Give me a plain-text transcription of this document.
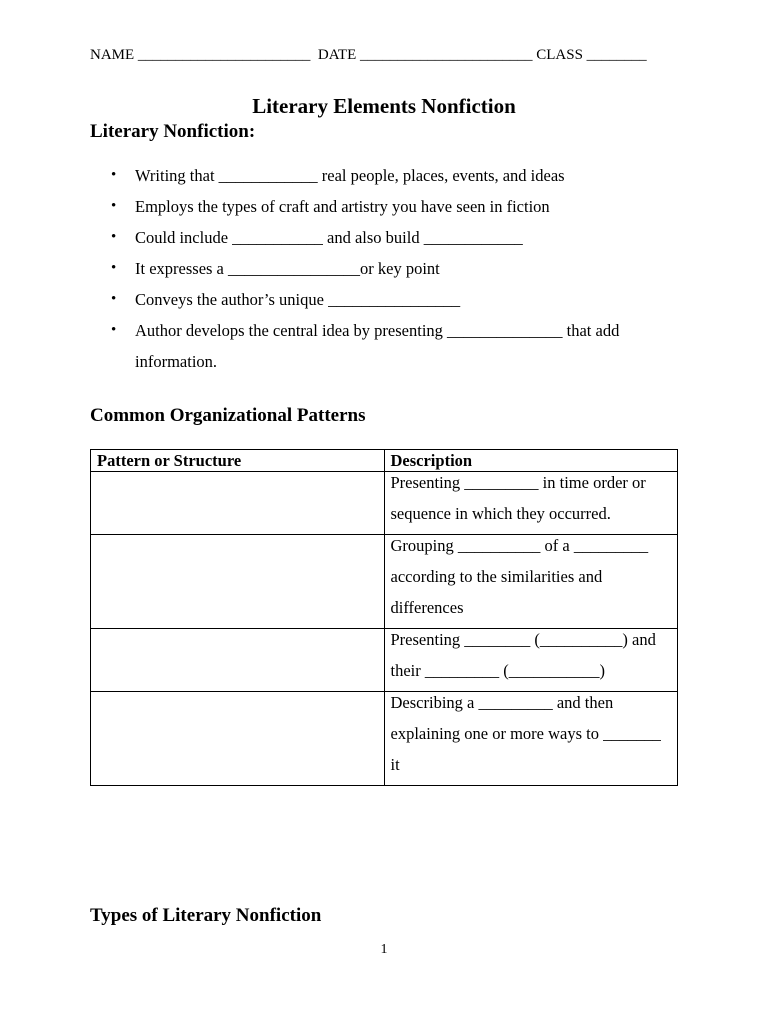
NAME _______________________  DATE _______________________ CLASS ________
Literary Elements Nonfiction
Literary Nonfiction:
• Writing that ____________ real people, places, events, and ideas
• Employs the types of craft and artistry you have seen in fiction
• Could include ___________ and also build ____________
• It expresses a ________________or key point
• Conveys the author’s unique ________________
• Author develops the central idea by presenting ______________ that add information.
Common Organizational Patterns
Pattern or Structure	Description

	Presenting _________ in time order or sequence in which they occurred.

	Grouping __________ of a _________ according to the similarities and differences

	Presenting ________ (__________) and their _________ (___________)

	Describing a _________ and then explaining one or more ways to _______ it
Types of Literary Nonfiction
1
